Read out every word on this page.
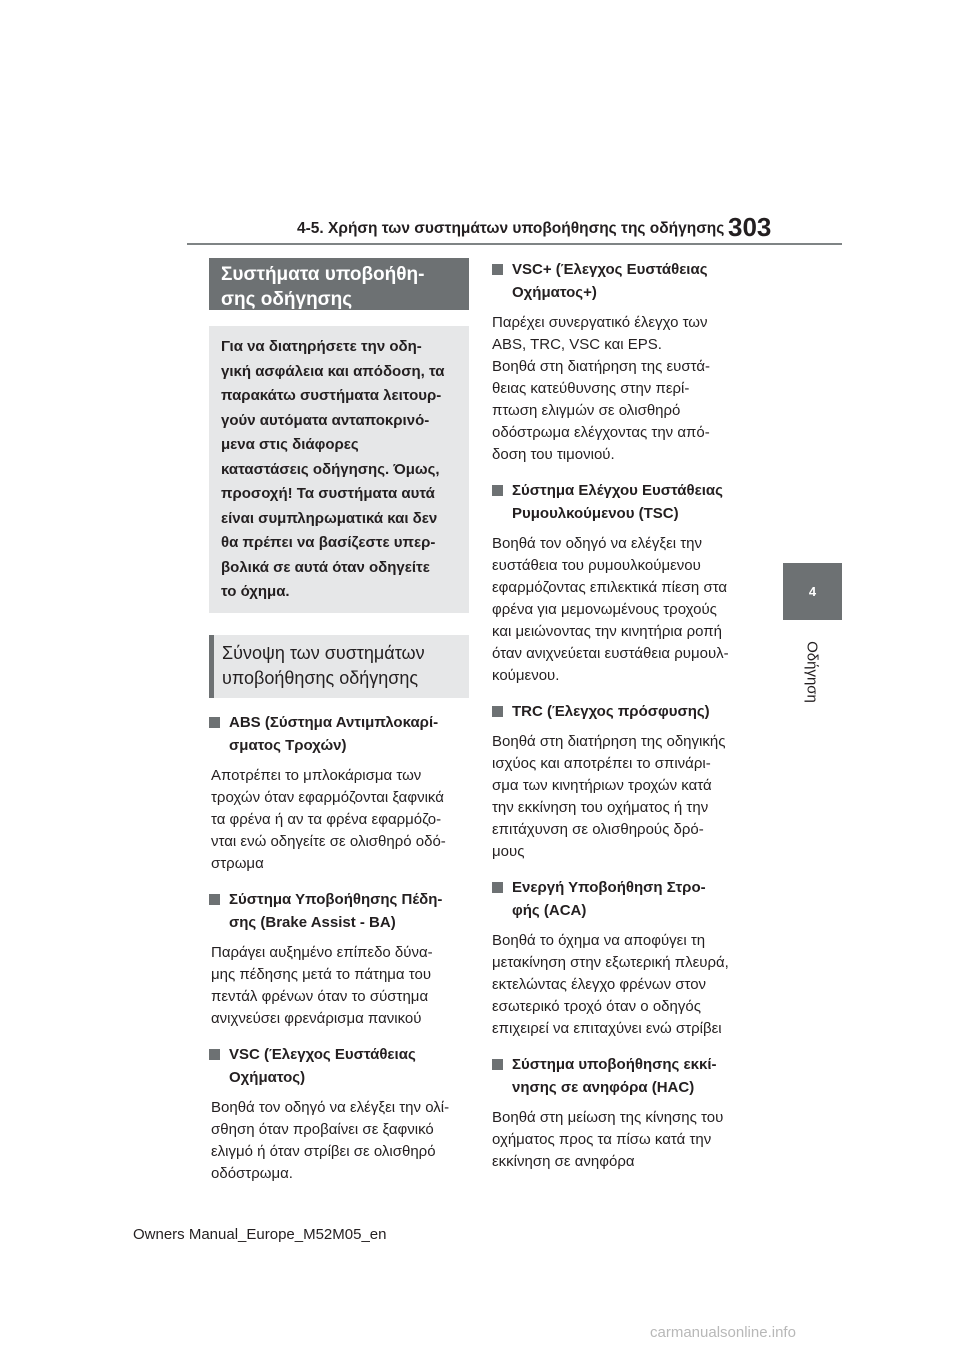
4-5. Χρήση των συστημάτων υποβοήθησης της οδήγησης 303
4
Οδήγηση
Συστήματα υποβοήθη-
σης οδήγησης
Για να διατηρήσετε την οδη-
γική ασφάλεια και απόδοση, τα
παρακάτω συστήματα λειτουρ-
γούν αυτόματα ανταποκρινό-
μενα στις διάφορες
καταστάσεις οδήγησης. Όμως,
προσοχή! Τα συστήματα αυτά
είναι συμπληρωματικά και δεν
θα πρέπει να βασίζεστε υπερ-
βολικά σε αυτά όταν οδηγείτε
το όχημα.
Σύνοψη των συστημάτων
υποβοήθησης οδήγησης
ABS (Σύστημα Αντιμπλοκαρί-
σματος Τροχών)
Αποτρέπει το μπλοκάρισμα των
τροχών όταν εφαρμόζονται ξαφνικά
τα φρένα ή αν τα φρένα εφαρμόζο-
νται ενώ οδηγείτε σε ολισθηρό οδό-
στρωμα
Σύστημα Υποβοήθησης Πέδη-
σης (Brake Assist - BA)
Παράγει αυξημένο επίπεδο δύνα-
μης πέδησης μετά το πάτημα του
πεντάλ φρένων όταν το σύστημα
ανιχνεύσει φρενάρισμα πανικού
VSC (Έλεγχος Ευστάθειας
Οχήματος)
Βοηθά τον οδηγό να ελέγξει την ολί-
σθηση όταν προβαίνει σε ξαφνικό
ελιγμό ή όταν στρίβει σε ολισθηρό
οδόστρωμα.
VSC+ (Έλεγχος Ευστάθειας
Οχήματος+)
Παρέχει συνεργατικό έλεγχο των
ABS, TRC, VSC και EPS.
Βοηθά στη διατήρηση της ευστά-
θειας κατεύθυνσης στην περί-
πτωση ελιγμών σε ολισθηρό
οδόστρωμα ελέγχοντας την από-
δοση του τιμονιού.
Σύστημα Ελέγχου Ευστάθειας
Ρυμουλκούμενου (TSC)
Βοηθά τον οδηγό να ελέγξει την
ευστάθεια του ρυμουλκούμενου
εφαρμόζοντας επιλεκτικά πίεση στα
φρένα για μεμονωμένους τροχούς
και μειώνοντας την κινητήρια ροπή
όταν ανιχνεύεται ευστάθεια ρυμουλ-
κούμενου.
TRC (Έλεγχος πρόσφυσης)
Βοηθά στη διατήρηση της οδηγικής
ισχύος και αποτρέπει το σπινάρι-
σμα των κινητήριων τροχών κατά
την εκκίνηση του οχήματος ή την
επιτάχυνση σε ολισθηρούς δρό-
μους
Ενεργή Υποβοήθηση Στρο-
φής (ACA)
Βοηθά το όχημα να αποφύγει τη
μετακίνηση στην εξωτερική πλευρά,
εκτελώντας έλεγχο φρένων στον
εσωτερικό τροχό όταν ο οδηγός
επιχειρεί να επιταχύνει ενώ στρίβει
Σύστημα υποβοήθησης εκκί-
νησης σε ανηφόρα (HAC)
Βοηθά στη μείωση της κίνησης του
οχήματος προς τα πίσω κατά την
εκκίνηση σε ανηφόρα
Owners Manual_Europe_M52M05_en
carmanualsonline.info
